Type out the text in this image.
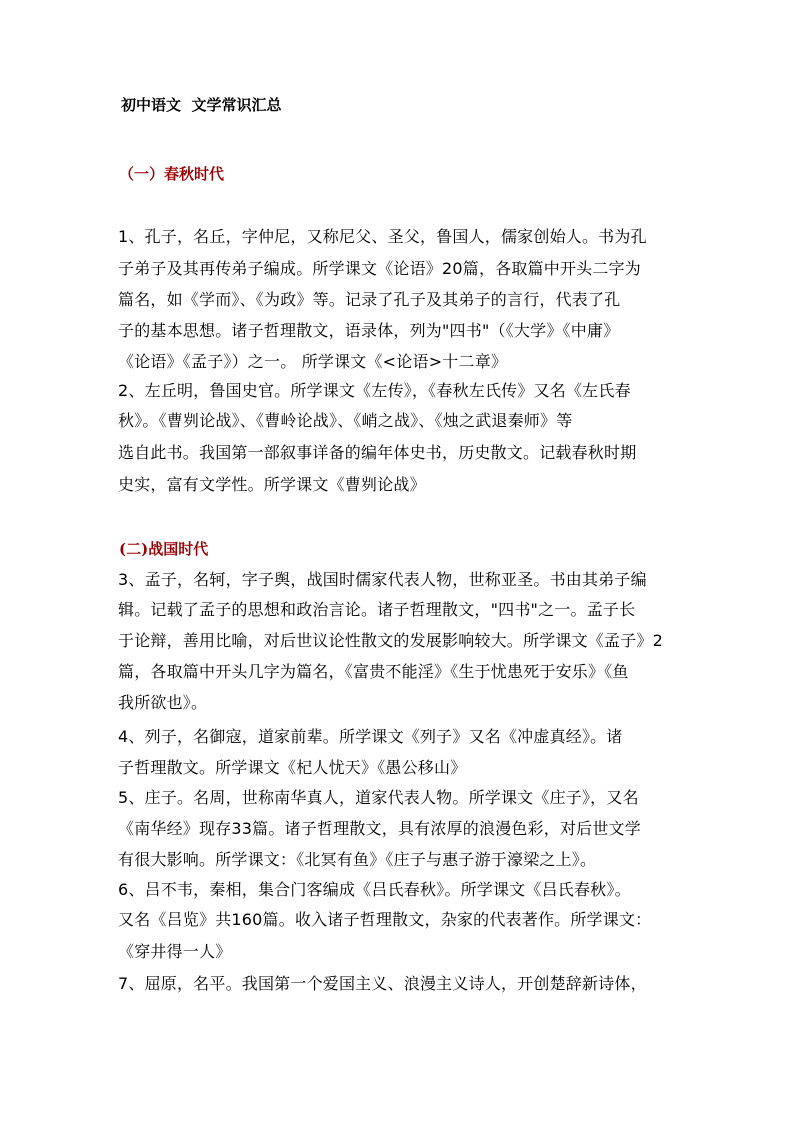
初中语文  文学常识汇总
（一）春秋时代
1、孔子，名丘，字仲尼，又称尼父、圣父，鲁国人，儒家创始人。书为孔
子弟子及其再传弟子编成。所学课文《论语》20篇，各取篇中开头二字为
篇名，如《学而》、《为政》等。记录了孔子及其弟子的言行，代表了孔
子的基本思想。诸子哲理散文，语录体，列为"四书"（《大学》《中庸》
《论语》《孟子》）之一。 所学课文《<论语>十二章》
2、左丘明，鲁国史官。所学课文《左传》，《春秋左氏传》又名《左氏春
秋》。《曹刿论战》、《曹岭论战》、《峭之战》、《烛之武退秦师》等
选自此书。我国第一部叙事详备的编年体史书，历史散文。记载春秋时期
史实，富有文学性。所学课文《曹刿论战》
(二)战国时代
3、孟子，名轲，字子舆，战国时儒家代表人物，世称亚圣。书由其弟子编
辑。记载了孟子的思想和政治言论。诸子哲理散文，"四书"之一。孟子长
于论辩，善用比喻，对后世议论性散文的发展影响较大。所学课文《孟子》2
篇，各取篇中开头几字为篇名，《富贵不能淫》《生于忧患死于安乐》《鱼
我所欲也》。
4、列子，名御寇，道家前辈。所学课文《列子》又名《冲虚真经》。诸
子哲理散文。所学课文《杞人忧天》《愚公移山》
5、庄子。名周，世称南华真人，道家代表人物。所学课文《庄子》，又名
《南华经》现存33篇。诸子哲理散文，具有浓厚的浪漫色彩，对后世文学
有很大影响。所学课文：《北冥有鱼》《庄子与惠子游于濠梁之上》。
6、吕不韦，秦相，集合门客编成《吕氏春秋》。所学课文《吕氏春秋》。
又名《吕览》共160篇。收入诸子哲理散文，杂家的代表著作。所学课文：
《穿井得一人》
7、屈原，名平。我国第一个爱国主义、浪漫主义诗人，开创楚辞新诗体，
